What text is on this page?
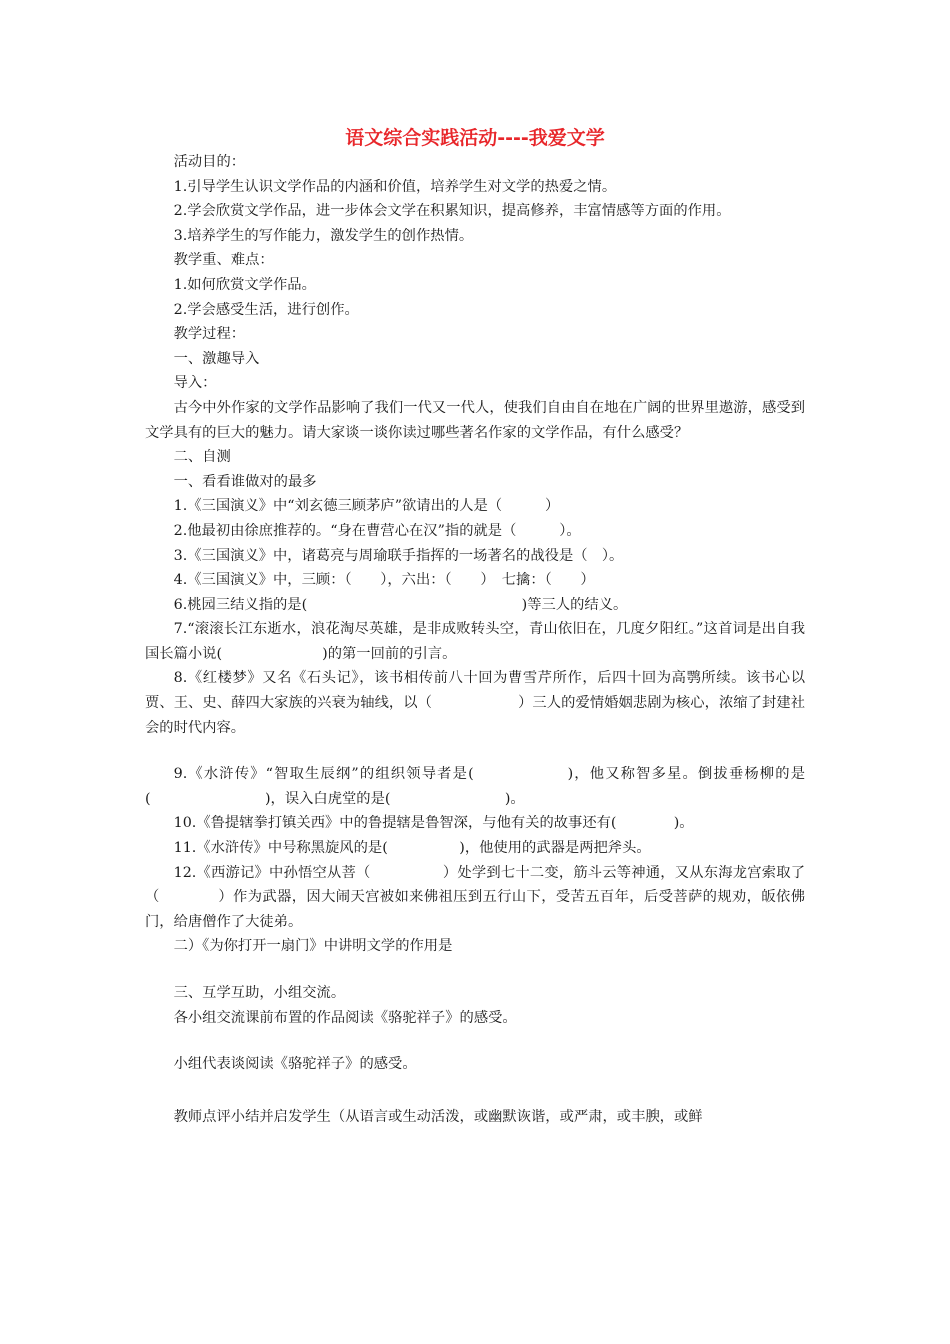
语文综合实践活动----我爱文学

活动目的：

1.引导学生认识文学作品的内涵和价值，培养学生对文学的热爱之情。

2.学会欣赏文学作品，进一步体会文学在积累知识，提高修养，丰富情感等方面的作用。

3.培养学生的写作能力，激发学生的创作热情。

教学重、难点：

1.如何欣赏文学作品。

2.学会感受生活，进行创作。

教学过程：

一、激趣导入

导入：

古今中外作家的文学作品影响了我们一代又一代人，使我们自由自在地在广阔的世界里遨游，感受到文学具有的巨大的魅力。请大家谈一谈你读过哪些著名作家的文学作品，有什么感受？

二、自测

一、看看谁做对的最多

1.《三国演义》中“刘玄德三顾茅庐”欲请出的人是（　　　）

2.他最初由徐庶推荐的。“身在曹营心在汉”指的就是（　　　）。

3.《三国演义》中，诸葛亮与周瑜联手指挥的一场著名的战役是（　）。

4.《三国演义》中，三顾：（　　），六出：（　　）　七擒：（　　）

6.桃园三结义指的是(　　　　　　　　　　　　　　　)等三人的结义。

7.“滚滚长江东逝水，浪花淘尽英雄，是非成败转头空，青山依旧在，几度夕阳红。”这首词是出自我国长篇小说(　　　　　　　)的第一回前的引言。

8.《红楼梦》又名《石头记》，该书相传前八十回为曹雪芹所作，后四十回为高鹗所续。该书心以贾、王、史、薛四大家族的兴衰为轴线，以（　　　　　　）三人的爱情婚姻悲剧为核心，浓缩了封建社会的时代内容。

9.《水浒传》“智取生辰纲”的组织领导者是(　　　　　　)，他又称智多星。倒拔垂杨柳的是(　　　　　　　　)，误入白虎堂的是(　　　　　　　　)。

10.《鲁提辖拳打镇关西》中的鲁提辖是鲁智深，与他有关的故事还有(　　　　)。

11.《水浒传》中号称黑旋风的是(　　　　　)，他使用的武器是两把斧头。

12.《西游记》中孙悟空从菩（　　　　　）处学到七十二变，筋斗云等神通，又从东海龙宫索取了（　　　　）作为武器，因大闹天宫被如来佛祖压到五行山下，受苦五百年，后受菩萨的规劝，皈依佛门，给唐僧作了大徒弟。

二）《为你打开一扇门》中讲明文学的作用是

三、互学互助，小组交流。

各小组交流课前布置的作品阅读《骆驼祥子》的感受。

小组代表谈阅读《骆驼祥子》的感受。

教师点评小结并启发学生（从语言或生动活泼，或幽默诙谐，或严肃，或丰腴，或鲜
